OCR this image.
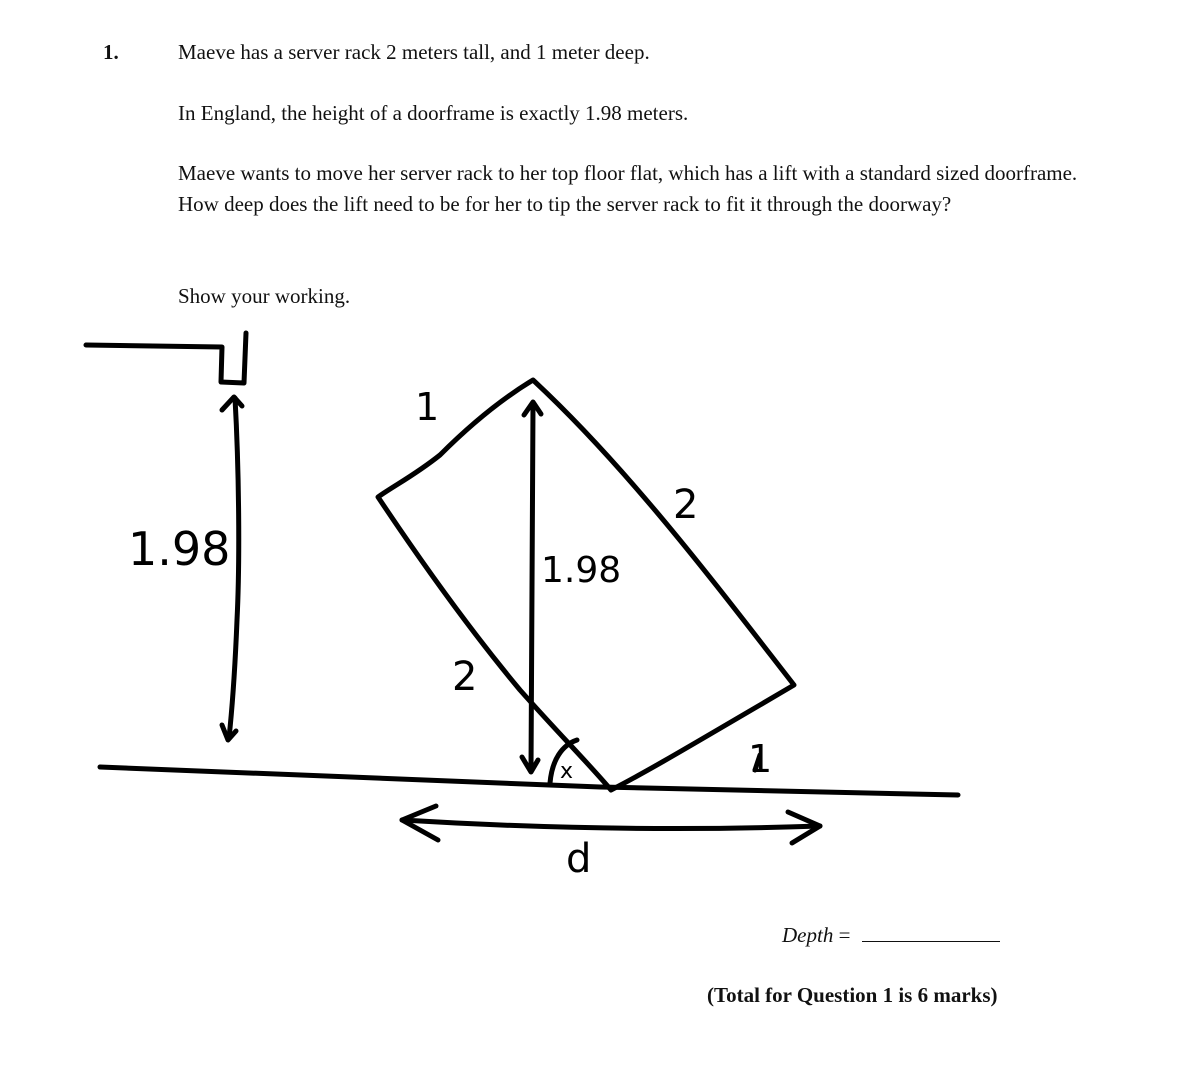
1.	Maeve has a server rack 2 meters tall, and 1 meter deep.

In England, the height of a doorframe is exactly 1.98 meters.

Maeve wants to move her server rack to her top floor flat, which has a lift with a standard sized doorframe. How deep does the lift need to be for her to tip the server rack to fit it through the doorway?

Show your working.

1.98	1.98
1
2
2
1
x
d
Depth =
(Total for Question 1 is 6 marks)
